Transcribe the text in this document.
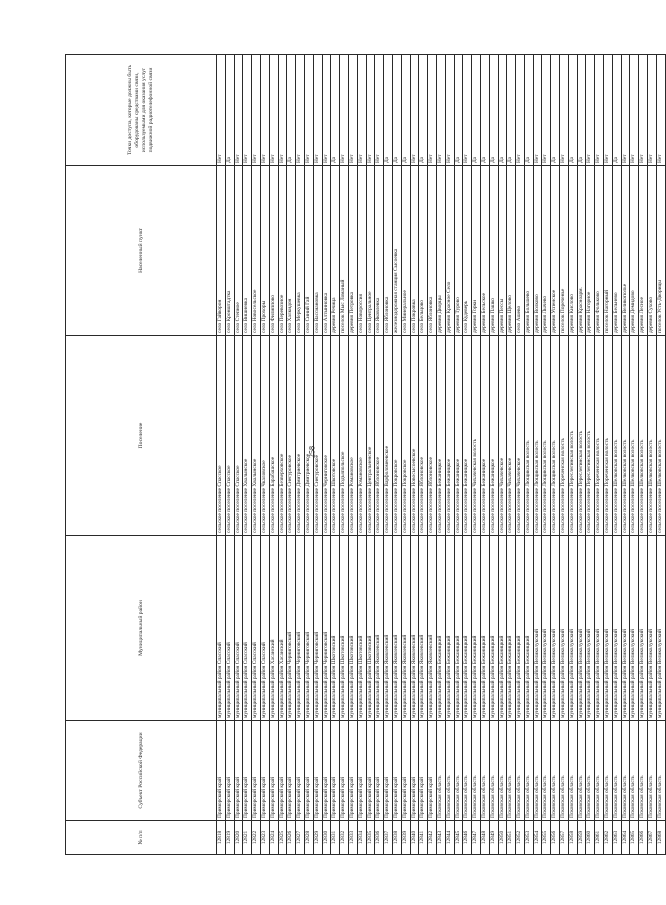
258
№ п/п	Субъект Российской Федерации	Муниципальный район	Поселение	Населенный пункт	Точки доступа, которые должны быть оборудованы средствами связи, используемыми для оказания услуг подвижной радиотелефонной связи
12818	Приморский край	муниципальный район Спасский	сельское поселение Спасское	село Гайворон	Нет
12819	Приморский край	муниципальный район Спасский	сельское поселение Спасское	село Кронштадтка	Да
12820	Приморский край	муниципальный район Спасский	сельское поселение Спасское	село Степное	Нет
12821	Приморский край	муниципальный район Спасский	сельское поселение Хвалынское	село Вишневка	Нет
12822	Приморский край	муниципальный район Спасский	сельское поселение Хвалынское	село Новосельское	Нет
12823	Приморский край	муниципальный район Спасский	сельское поселение Чкаловское	село Прохоры	Нет
12824	Приморский край	муниципальный район Хасанский	сельское поселение Барабашское	село Филиппово	Нет
12825	Приморский край	муниципальный район Хасанский	сельское поселение Безверховское	село Перевозное	Нет
12826	Приморский край	муниципальный район Черниговский	сельское поселение Снегуровское	село Халкидон	Да
12827	Приморский край	муниципальный район Черниговский	сельское поселение Дмитриевское	село Меркушевка	Нет
12828	Приморский край	муниципальный район Черниговский	сельское поселение Дмитриевское	село Синий Гай	Нет
12829	Приморский край	муниципальный район Черниговский	сельское поселение Снегуровское	село Вассиановка	Нет
12830	Приморский край	муниципальный район Черниговский	сельское поселение Черниговское	село Алтынновка	Нет
12831	Приморский край	муниципальный район Шкотовский	сельское поселение Шкотовское	деревня Речица	Да
12832	Приморский край	муниципальный район Шкотовский	сельское поселение Подъяпольское	поселок Мыс Ломаный	Нет
12833	Приморский край	муниципальный район Шкотовский	сельское поселение Романовское	деревня Петровка	Нет
12834	Приморский край	муниципальный район Шкотовский	сельское поселение Романовское	село Новороссия	Нет
12835	Приморский край	муниципальный район Шкотовский	сельское поселение Центральненское	село Центральное	Нет
12836	Приморский край	муниципальный район Яковлевский	сельское поселение Яблоновское	село Яковлевка	Нет
12837	Приморский край	муниципальный район Яковлевский	сельское поселение Варфоломеевское	село Яблоновка	Да
12838	Приморский край	муниципальный район Яковлевский	сельское поселение Покровское	железнодорожная станция Сысоевка	Да
12839	Приморский край	муниципальный район Яковлевский	сельское поселение Покровское	село Минеральное	Да
12840	Приморский край	муниципальный район Яковлевский	сельское поселение Новосысоевское	село Покровка	Нет
12841	Приморский край	муниципальный район Яковлевский	сельское поселение Яблоновское	село Бельцово	Да
12842	Приморский край	муниципальный район Яковлевский	сельское поселение Яблоновское	село Яблоновка	Нет
12843	Псковская область	муниципальный район Бежаницкий	сельское поселение Бежаницкое	деревня Дворцы	Нет
12844	Псковская область	муниципальный район Бежаницкий	сельское поселение Бежаницкое	деревня Красное Село	Нет
12845	Псковская область	муниципальный район Бежаницкий	сельское поселение Бежаницкое	деревня Турово	Да
12846	Псковская область	муниципальный район Бежаницкий	сельское поселение Бежаницкое	село Кудеверь	Нет
12847	Псковская область	муниципальный район Бежаницкий	сельское поселение Чихачевская волость	деревня Горки	Да
12848	Псковская область	муниципальный район Бежаницкий	сельское поселение Бежаницкое	деревня Бельское	Да
12849	Псковская область	муниципальный район Бежаницкий	сельское поселение Бежаницкое	деревня Пашко	Да
12850	Псковская область	муниципальный район Бежаницкий	сельское поселение Чихачевское	деревня Пессы	Да
12851	Псковская область	муниципальный район Бежаницкий	сельское поселение Чихачевское	деревня Щелово	Да
12852	Псковская область	муниципальный район Бежаницкий	сельское поселение Чихачевское	село Ашево	Нет
12853	Псковская область	муниципальный район Бежаницкий	сельское поселение Лющикская волость	деревня Большево	Да
12854	Псковская область	муниципальный район Великолукский	сельское поселение Лющикская волость	деревня Волково	Нет
12855	Псковская область	муниципальный район Великолукский	сельское поселение Лющикская волость	деревня Лычево	Нет
12856	Псковская область	муниципальный район Великолукский	сельское поселение Лющикская волость	деревня Успенское	Да
12857	Псковская область	муниципальный район Великолукский	сельское поселение Пореченская волость	поселок Пореченье	Нет
12858	Псковская область	муниципальный район Великолукский	сельское поселение Переслегинская волость	деревня Кислово	Да
12859	Псковская область	муниципальный район Великолукский	сельское поселение Переслегинская волость	деревня Красноарм.	Да
12860	Псковская область	муниципальный район Великолукский	сельское поселение Переслегинская волость	деревня Нагорное	Нет
12861	Псковская область	муниципальный район Великолукский	сельское поселение Пореченская волость	деревня Фольково	Нет
12862	Псковская область	муниципальный район Великолукский	сельское поселение Пореченская волость	поселок Нагорный	Нет
12863	Псковская область	муниципальный район Великолукский	сельское поселение Шелковская волость	деревня Бельнево	Да
12864	Псковская область	муниципальный район Великолукский	сельское поселение Шелковская волость	деревня Великополье	Нет
12865	Псковская область	муниципальный район Великолукский	сельское поселение Шелковская волость	деревня Демидово	Нет
12866	Псковская область	муниципальный район Великолукский	сельское поселение Шелковская волость	деревня Лесное	Нет
12867	Псковская область	муниципальный район Великолукский	сельское поселение Шелковская волость	деревня Сухово	Нет
12868	Псковская область	муниципальный район Великолукский	сельское поселение Шелковская волость	поселок Усть-Дворицы	Нет
